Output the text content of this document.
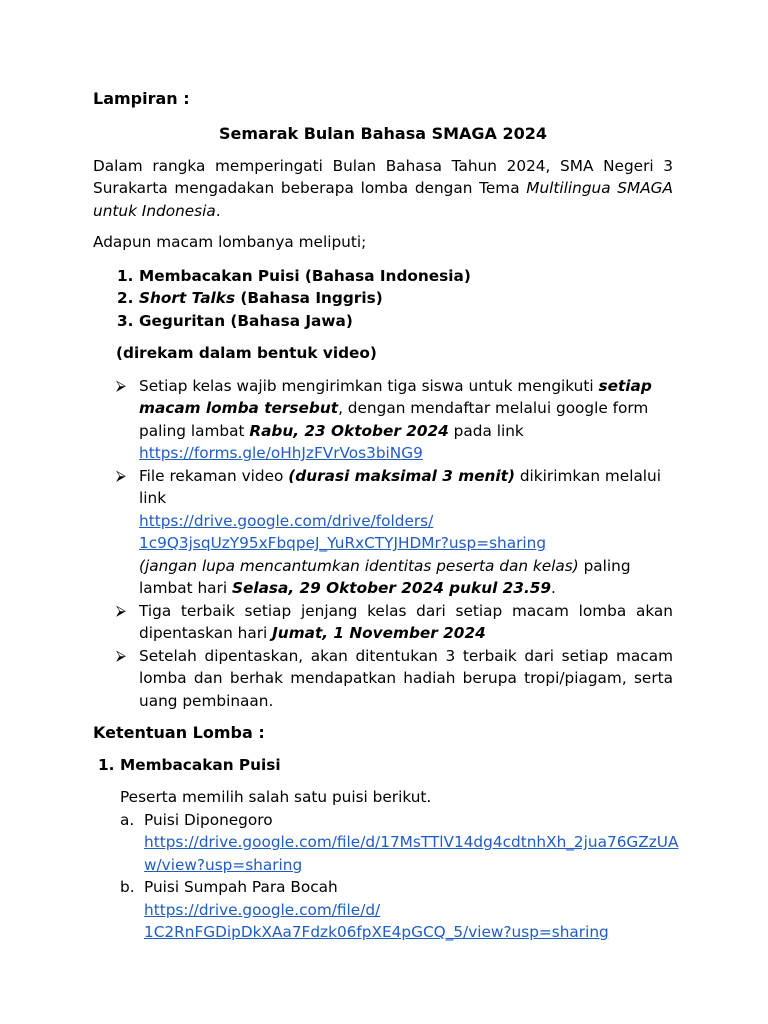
Lampiran :
Semarak Bulan Bahasa SMAGA 2024
Dalam rangka memperingati Bulan Bahasa Tahun 2024, SMA Negeri 3 Surakarta mengadakan beberapa lomba dengan Tema Multilingua SMAGA untuk Indonesia.
Adapun macam lombanya meliputi;
1. Membacakan Puisi (Bahasa Indonesia)
2. Short Talks (Bahasa Inggris)
3. Geguritan (Bahasa Jawa)
(direkam dalam bentuk video)
⮚ Setiap kelas wajib mengirimkan tiga siswa untuk mengikuti setiap macam lomba tersebut, dengan mendaftar melalui google form paling lambat Rabu, 23 Oktober 2024 pada link
https://forms.gle/oHhJzFVrVos3biNG9
⮚ File rekaman video (durasi maksimal 3 menit) dikirimkan melalui link
https://drive.google.com/drive/folders/
1c9Q3jsqUzY95xFbqpeJ_YuRxCTYJHDMr?usp=sharing
(jangan lupa mencantumkan identitas peserta dan kelas) paling lambat hari Selasa, 29 Oktober 2024 pukul 23.59.
⮚ Tiga terbaik setiap jenjang kelas dari setiap macam lomba akan dipentaskan hari Jumat, 1 November 2024
⮚ Setelah dipentaskan, akan ditentukan 3 terbaik dari setiap macam lomba dan berhak mendapatkan hadiah berupa tropi/piagam, serta uang pembinaan.
Ketentuan Lomba :
1. Membacakan Puisi
Peserta memilih salah satu puisi berikut.
a. Puisi Diponegoro
https://drive.google.com/file/d/17MsTTlV14dg4cdtnhXh_2jua76GZzUA
w/view?usp=sharing
b. Puisi Sumpah Para Bocah
https://drive.google.com/file/d/
1C2RnFGDipDkXAa7Fdzk06fpXE4pGCQ_5/view?usp=sharing
